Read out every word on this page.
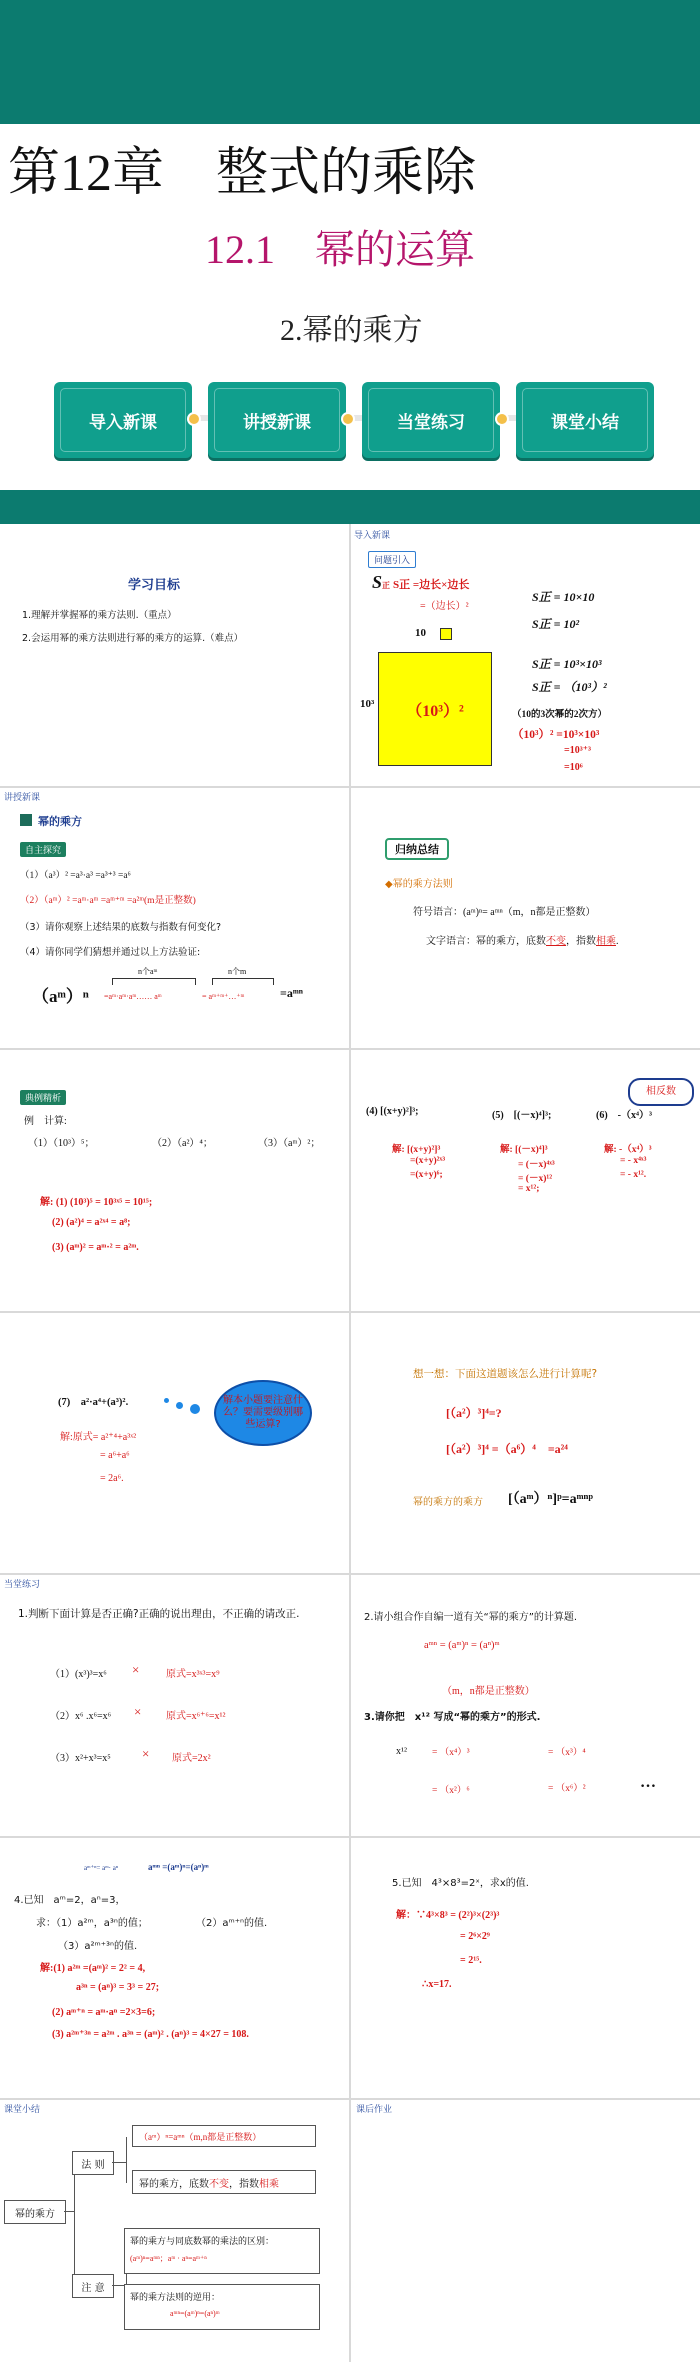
第12章　整式的乘除
12.1　幂的运算
2.幂的乘方
导入新课	讲授新课	当堂练习	课堂小结
学习目标
1.理解并掌握幂的乘方法则.（重点）
2.会运用幂的乘方法则进行幂的乘方的运算.（难点）
导入新课
问题引入
S正 S正 =边长×边长
=（边长）²
10
S正 = 10×10
S正 = 10²
S正 = 10³×10³
S正 = （10³）²
10³ （10³）²	（10的3次幂的2次方）
（10³）² =10³×10³
=10³⁺³
=10⁶
讲授新课
幂的乘方
自主探究
（1）（a³）² =a³·a³ =a³⁺³ =a⁶
（2）（aᵐ）² =aᵐ·aᵐ =aᵐ⁺ᵐ =a²ᵐ(m是正整数)
（3）请你观察上述结果的底数与指数有何变化?
（4）请你同学们猜想并通过以上方法验证:
n个aᵐ	n个m
（aᵐ）ⁿ =aᵐ·aᵐ·aᵐ…… aᵐ	= aᵐ⁺ᵐ⁺…⁺ᵐ	=aᵐⁿ
归纳总结
◆幂的乘方法则
符号语言：(aᵐ)ⁿ= aᵐⁿ（m，n都是正整数）
文字语言：幂的乘方，底数不变，指数相乘.
典例精析
例　计算:
（1）（10³）⁵；	（2）（a²）⁴；	（3）（aᵐ）²；
解: (1) (10³)⁵ = 10³ˣ⁵ = 10¹⁵;
(2) (a²)⁴ = a²ˣ⁴ = a⁸;
(3) (aᵐ)² = aᵐ·² = a²ᵐ.
(4) [(x+y)²]³;	(5)　[(－x)⁴]³;	(6)　-（x⁴）³
相反数
解: [(x+y)²]³
=(x+y)²ˣ³
=(x+y)⁶;
解: [(－x)⁴]³
= (－x)⁴ˣ³
= (－x)¹²
= x¹²;
解: -（x⁴）³
= - x⁴ˣ³
= - x¹².
(7)　a²·a⁴+(a³)².	解本小题要注意什么？要需要级别哪些运算?
解:原式= a²⁺⁴+a³ˣ²
= a⁶+a⁶
= 2a⁶.
想一想：下面这道题该怎么进行计算呢?
[（a²）³]⁴=?
[（a²）³]⁴ =（a⁶）⁴　=a²⁴
幂的乘方的乘方 [（aᵐ）ⁿ]ᵖ=aᵐⁿᵖ
当堂练习
1.判断下面计算是否正确?正确的说出理由，不正确的请改正.
（1）(x³)³=x⁶ ×	原式=x³ˣ³=x⁹
（2）x⁶ .x⁶=x⁶ × 原式=x⁶⁺⁶=x¹²
（3）x²+x³=x⁵ × 原式=2x²
2.请小组合作自编一道有关“幂的乘方”的计算题.
aᵐⁿ = (aᵐ)ⁿ = (aⁿ)ᵐ
（m，n都是正整数）
3.请你把　x¹² 写成“幂的乘方”的形式.
x¹²	= （x⁴）³	= （x³）⁴
= （x²）⁶	= （x⁶）²	…
aᵐ⁺ⁿ= aᵐ· aⁿ	aᵐⁿ =(aᵐ)ⁿ=(aⁿ)ᵐ
4.已知　aᵐ=2，aⁿ=3，
求：（1）a²ᵐ，a³ⁿ的值；	（2）aᵐ⁺ⁿ的值.
（3）a²ᵐ⁺³ⁿ的值.
解:(1) a²ᵐ =(aᵐ)² = 2² = 4,
a³ⁿ = (aⁿ)³ = 3³ = 27;
(2) aᵐ⁺ⁿ = aᵐ·aⁿ =2×3=6;
(3) a²ᵐ⁺³ⁿ = a²ᵐ . a³ⁿ = (aᵐ)² . (aⁿ)³ = 4×27 = 108.
5.已知　4³×8³=2ˣ，求x的值.
解：∵4³×8³ = (2²)³×(2³)³
= 2⁶×2⁹
= 2¹⁵.
∴x=17.
课堂小结	课后作业
幂的乘方
法 则
（aᵐ）ⁿ=aᵐⁿ（m,n都是正整数）
幂的乘方，底数 不变 ，指数 相乘
注 意
幂的乘方与同底数幂的乘法的区别：
(aᵐ)ⁿ=aᵐⁿ；aᵐ · aⁿ=aᵐ⁺ⁿ
幂的乘方法则的逆用：
aᵐⁿ=(aᵐ)ⁿ=(aⁿ)ᵐ
